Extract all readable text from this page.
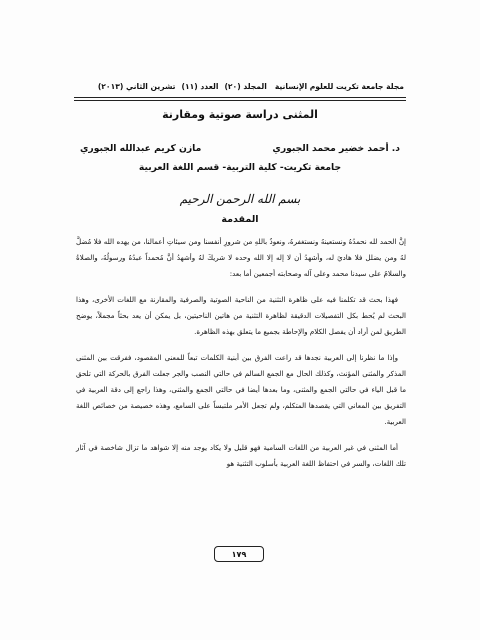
مجلة جامعة تكريت للعلوم الإنسانية
المجلد (٢٠)
العدد (١١)
تشرين الثاني (٢٠١٣)
المثنى دراسة صوتية ومقارنة
د. أحمد خضير محمد الجبوري
مازن كريم عبدالله الجبوري
جامعة تكريت- كلية التربية- قسم اللغة العربية
بسم الله الرحمن الرحيم
المقدمة

إنَّ الحمد لله نحمدُهُ ونستعينهُ ونستغفرهُ، ونعوذُ باللهِ من شرورِ أنفسنا ومن سيئاتِ أعمالنا، من يهده الله فلا مُضلَّ لهُ ومن يضلل فلا هاديَ له، وأشهدُ أن لا إله إلا الله وحده لا شريكَ لهُ وأشهدُ أنَّ مُحمداً عبدُهُ ورسولُهُ، والصلاةُ والسلامُ على سيدنا محمد وعلى آله وصحابته أجمعين أما بعد:

فهذا بحث قد تكلمنا فيه على ظاهرة التثنية من الناحية الصوتية والصرفية والمقارنة مع اللغات الأخرى، وهذا البحث لم يُحط بكل التفصيلات الدقيقة لظاهرة التثنية من هاتين الناحيتين، بل يمكن أن يعد بحثاً مجملاً، يوضح الطريق لمن أراد أن يفصل الكلام والإحاطة بجميع ما يتعلق بهذه الظاهرة.

وإذا ما نظرنا إلى العربية نجدها قد راعت الفرق بين أبنية الكلمات تبعاً للمعنى المقصود، ففرقت بين المثنى المذكر والمثنى المؤنث، وكذلك الحال مع الجمع السالم في حالتي النصب والجر جعلت الفرق بالحركة التي تلحق ما قبل الياء في حالتي الجمع والمثنى، وما بعدها أيضا في حالتي الجمع والمثنى، وهذا راجع إلى دقة العربية في التفريق بين المعاني التي يقصدها المتكلم، ولم تجعل الأمر ملتبساً على السامع، وهذه خصيصة من خصائص اللغة العربية.

أما المثنى في غير العربية من اللغات السامية فهو قليل ولا يكاد يوجد منه إلا شواهد ما تزال شاخصة في آثار تلك اللغات، والسر في احتفاظ اللغة العربية بأسلوب التثنية هو

١٧٩
